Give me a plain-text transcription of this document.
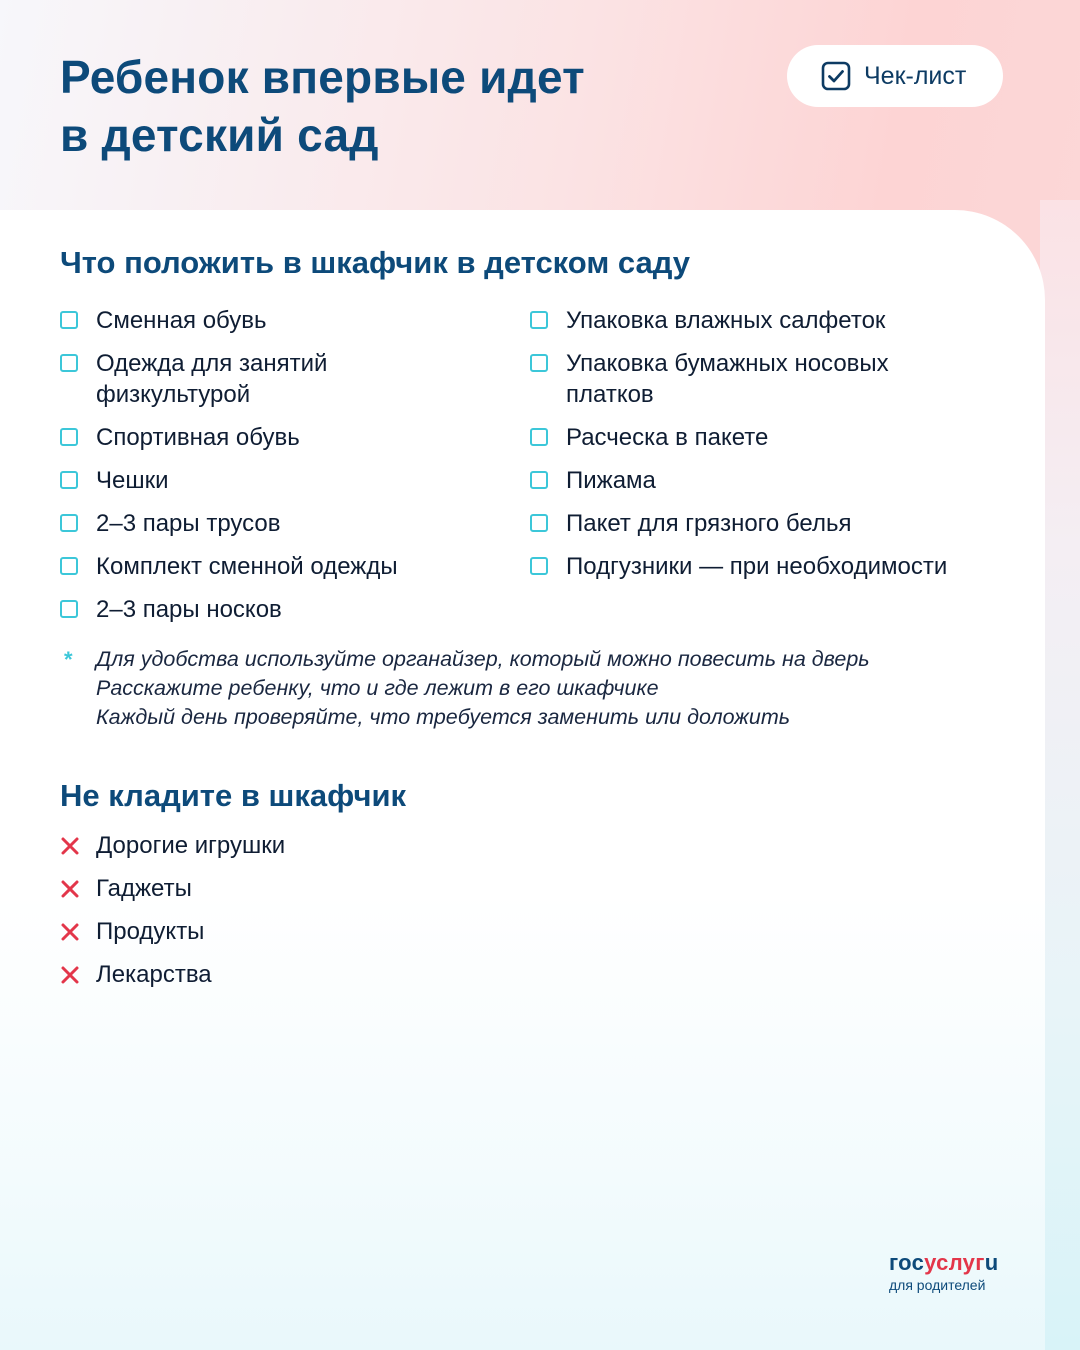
Ребенок впервые идет
в детский сад
Чек-лист
Что положить в шкафчик в детском саду
Сменная обувь
Одежда для занятий физкультурой
Спортивная обувь
Чешки
2–3 пары трусов
Комплект сменной одежды
2–3 пары носков
Упаковка влажных салфеток
Упаковка бумажных носовых платков
Расческа в пакете
Пижама
Пакет для грязного белья
Подгузники — при необходимости
* Для удобства используйте органайзер, который можно повесить на дверь
Расскажите ребенку, что и где лежит в его шкафчике
Каждый день проверяйте, что требуется заменить или доложить
Не кладите в шкафчик
Дорогие игрушки
Гаджеты
Продукты
Лекарства
госуслугu
для родителей
